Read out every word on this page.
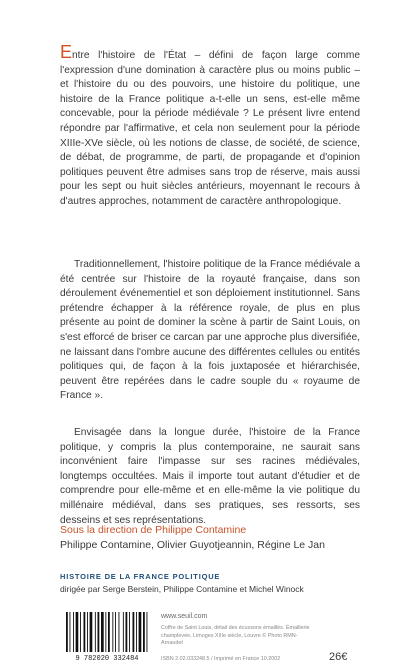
Entre l'histoire de l'État – défini de façon large comme l'expression d'une domination à caractère plus ou moins public – et l'histoire du ou des pouvoirs, une histoire du politique, une histoire de la France politique a-t-elle un sens, est-elle même concevable, pour la période médiévale ? Le présent livre entend répondre par l'affirmative, et cela non seulement pour la période XIIIe-XVe siècle, où les notions de classe, de société, de science, de débat, de programme, de parti, de propagande et d'opinion politiques peuvent être admises sans trop de réserve, mais aussi pour les sept ou huit siècles antérieurs, moyennant le recours à d'autres approches, notamment de caractère anthropologique.

Traditionnellement, l'histoire politique de la France médiévale a été centrée sur l'histoire de la royauté française, dans son déroulement événementiel et son déploiement institutionnel. Sans prétendre échapper à la référence royale, de plus en plus présente au point de dominer la scène à partir de Saint Louis, on s'est efforcé de briser ce carcan par une approche plus diversifiée, ne laissant dans l'ombre aucune des différentes cellules ou entités politiques qui, de façon à la fois juxtaposée et hiérarchisée, peuvent être repérées dans le cadre souple du « royaume de France ».

Envisagée dans la longue durée, l'histoire de la France politique, y compris la plus contemporaine, ne saurait sans inconvénient faire l'impasse sur ses racines médiévales, longtemps occultées. Mais il importe tout autant d'étudier et de comprendre pour elle-même et en elle-même la vie politique du millénaire médiéval, dans ses pratiques, ses ressorts, ses desseins et ses représentations.

Sous la direction de Philippe Contamine
Philippe Contamine, Olivier Guyotjeannin, Régine Le Jan
HISTOIRE DE LA FRANCE POLITIQUE
dirigée par Serge Berstein, Philippe Contamine et Michel Winock
9 782020 332484
www.seuil.com
Coffre de Saint Louis, détail des écussons émaillés. Émaillerie champlevée, Limoges XIIIe siècle, Louvre © Photo RMN-Arnaudet
ISBN 2.02.033248.5 / Imprimé en France 10.2002	26€
